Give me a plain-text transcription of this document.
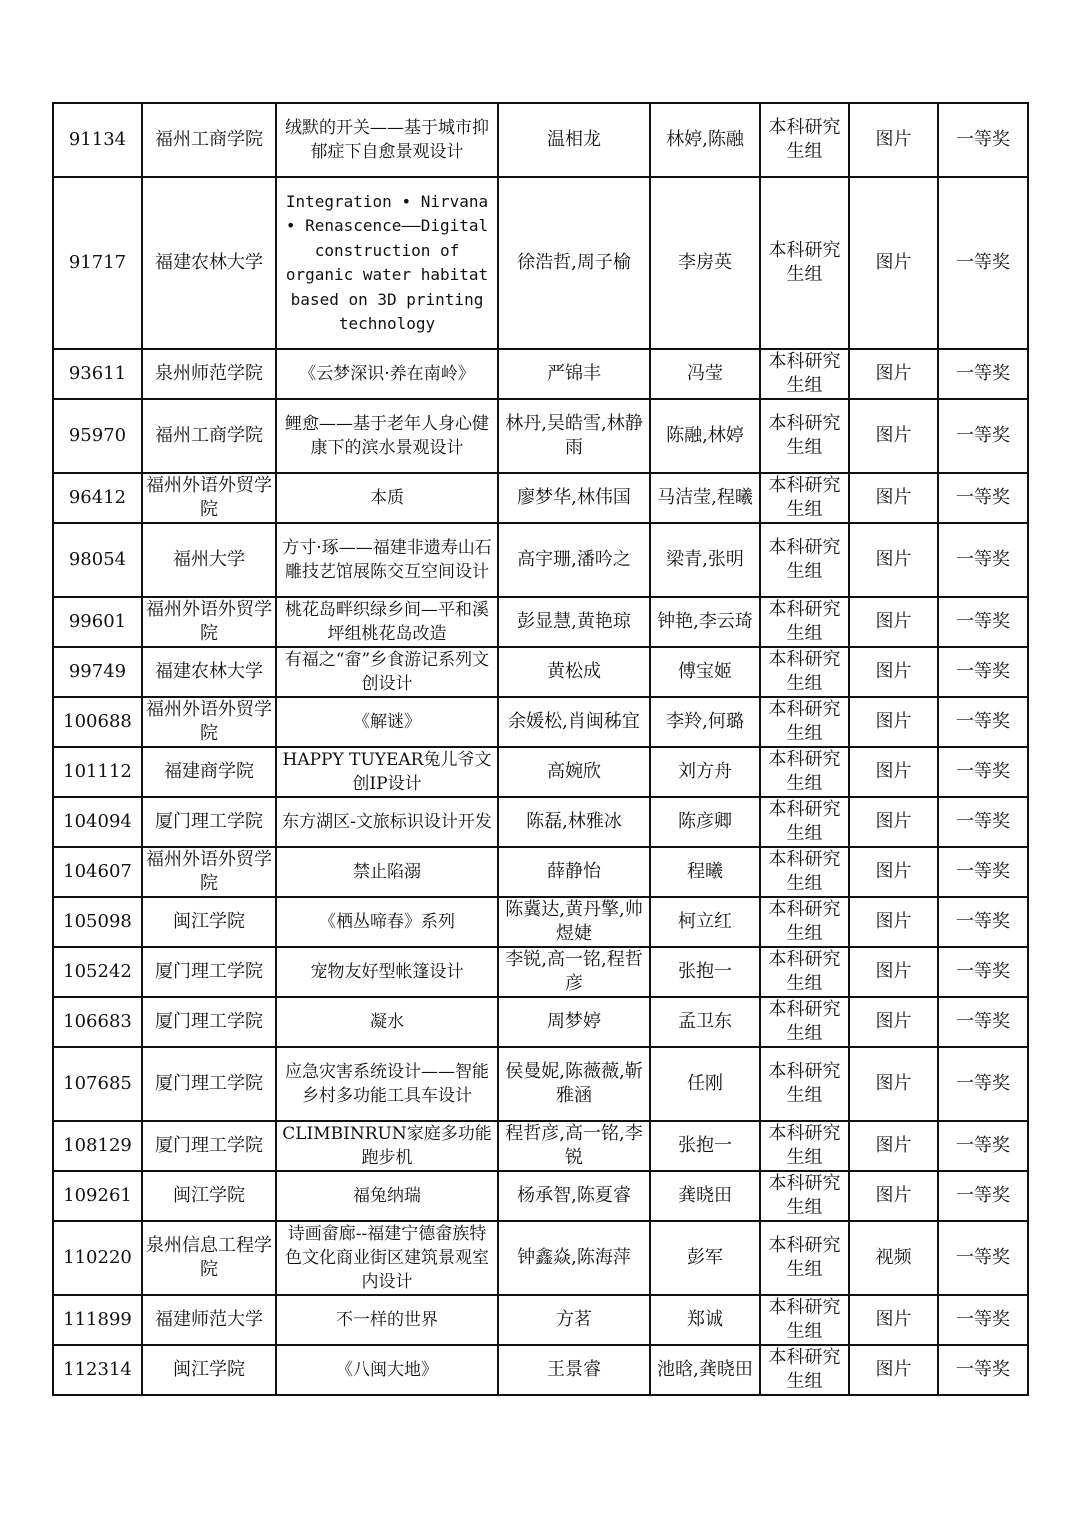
91134	福州工商学院	绒默的开关——基于城市抑郁症下自愈景观设计	温相龙	林婷,陈融	本科研究生组	图片	一等奖
91717	福建农林大学	Integration • Nirvana • Renascence——Digital construction of organic water habitat based on 3D printing technology	徐浩哲,周子榆	李房英	本科研究生组	图片	一等奖
93611	泉州师范学院	《云梦深识·养在南岭》	严锦丰	冯莹	本科研究生组	图片	一等奖
95970	福州工商学院	鲤愈——基于老年人身心健康下的滨水景观设计	林丹,吴皓雪,林静雨	陈融,林婷	本科研究生组	图片	一等奖
96412	福州外语外贸学院	本质	廖梦华,林伟国	马洁莹,程曦	本科研究生组	图片	一等奖
98054	福州大学	方寸·琢——福建非遗寿山石雕技艺馆展陈交互空间设计	高宇珊,潘吟之	梁青,张明	本科研究生组	图片	一等奖
99601	福州外语外贸学院	桃花岛畔织绿乡间—平和溪坪组桃花岛改造	彭显慧,黄艳琼	钟艳,李云琦	本科研究生组	图片	一等奖
99749	福建农林大学	有福之“畲”乡食游记系列文创设计	黄松成	傅宝姬	本科研究生组	图片	一等奖
100688	福州外语外贸学院	《解谜》	余媛松,肖闽秭宜	李羚,何璐	本科研究生组	图片	一等奖
101112	福建商学院	HAPPY TUYEAR兔儿爷文创IP设计	高婉欣	刘方舟	本科研究生组	图片	一等奖
104094	厦门理工学院	东方湖区-文旅标识设计开发	陈磊,林雅冰	陈彦卿	本科研究生组	图片	一等奖
104607	福州外语外贸学院	禁止陷溺	薛静怡	程曦	本科研究生组	图片	一等奖
105098	闽江学院	《栖丛啼春》系列	陈冀达,黄丹擎,帅煜婕	柯立红	本科研究生组	图片	一等奖
105242	厦门理工学院	宠物友好型帐篷设计	李锐,高一铭,程哲彦	张抱一	本科研究生组	图片	一等奖
106683	厦门理工学院	凝水	周梦婷	孟卫东	本科研究生组	图片	一等奖
107685	厦门理工学院	应急灾害系统设计——智能乡村多功能工具车设计	侯曼妮,陈薇薇,靳雅涵	任刚	本科研究生组	图片	一等奖
108129	厦门理工学院	CLIMBINRUN家庭多功能跑步机	程哲彦,高一铭,李锐	张抱一	本科研究生组	图片	一等奖
109261	闽江学院	福兔纳瑞	杨承智,陈夏睿	龚晓田	本科研究生组	图片	一等奖
110220	泉州信息工程学院	诗画畲廊--福建宁德畲族特色文化商业街区建筑景观室内设计	钟鑫焱,陈海萍	彭军	本科研究生组	视频	一等奖
111899	福建师范大学	不一样的世界	方茗	郑诚	本科研究生组	图片	一等奖
112314	闽江学院	《八闽大地》	王景睿	池晗,龚晓田	本科研究生组	图片	一等奖
